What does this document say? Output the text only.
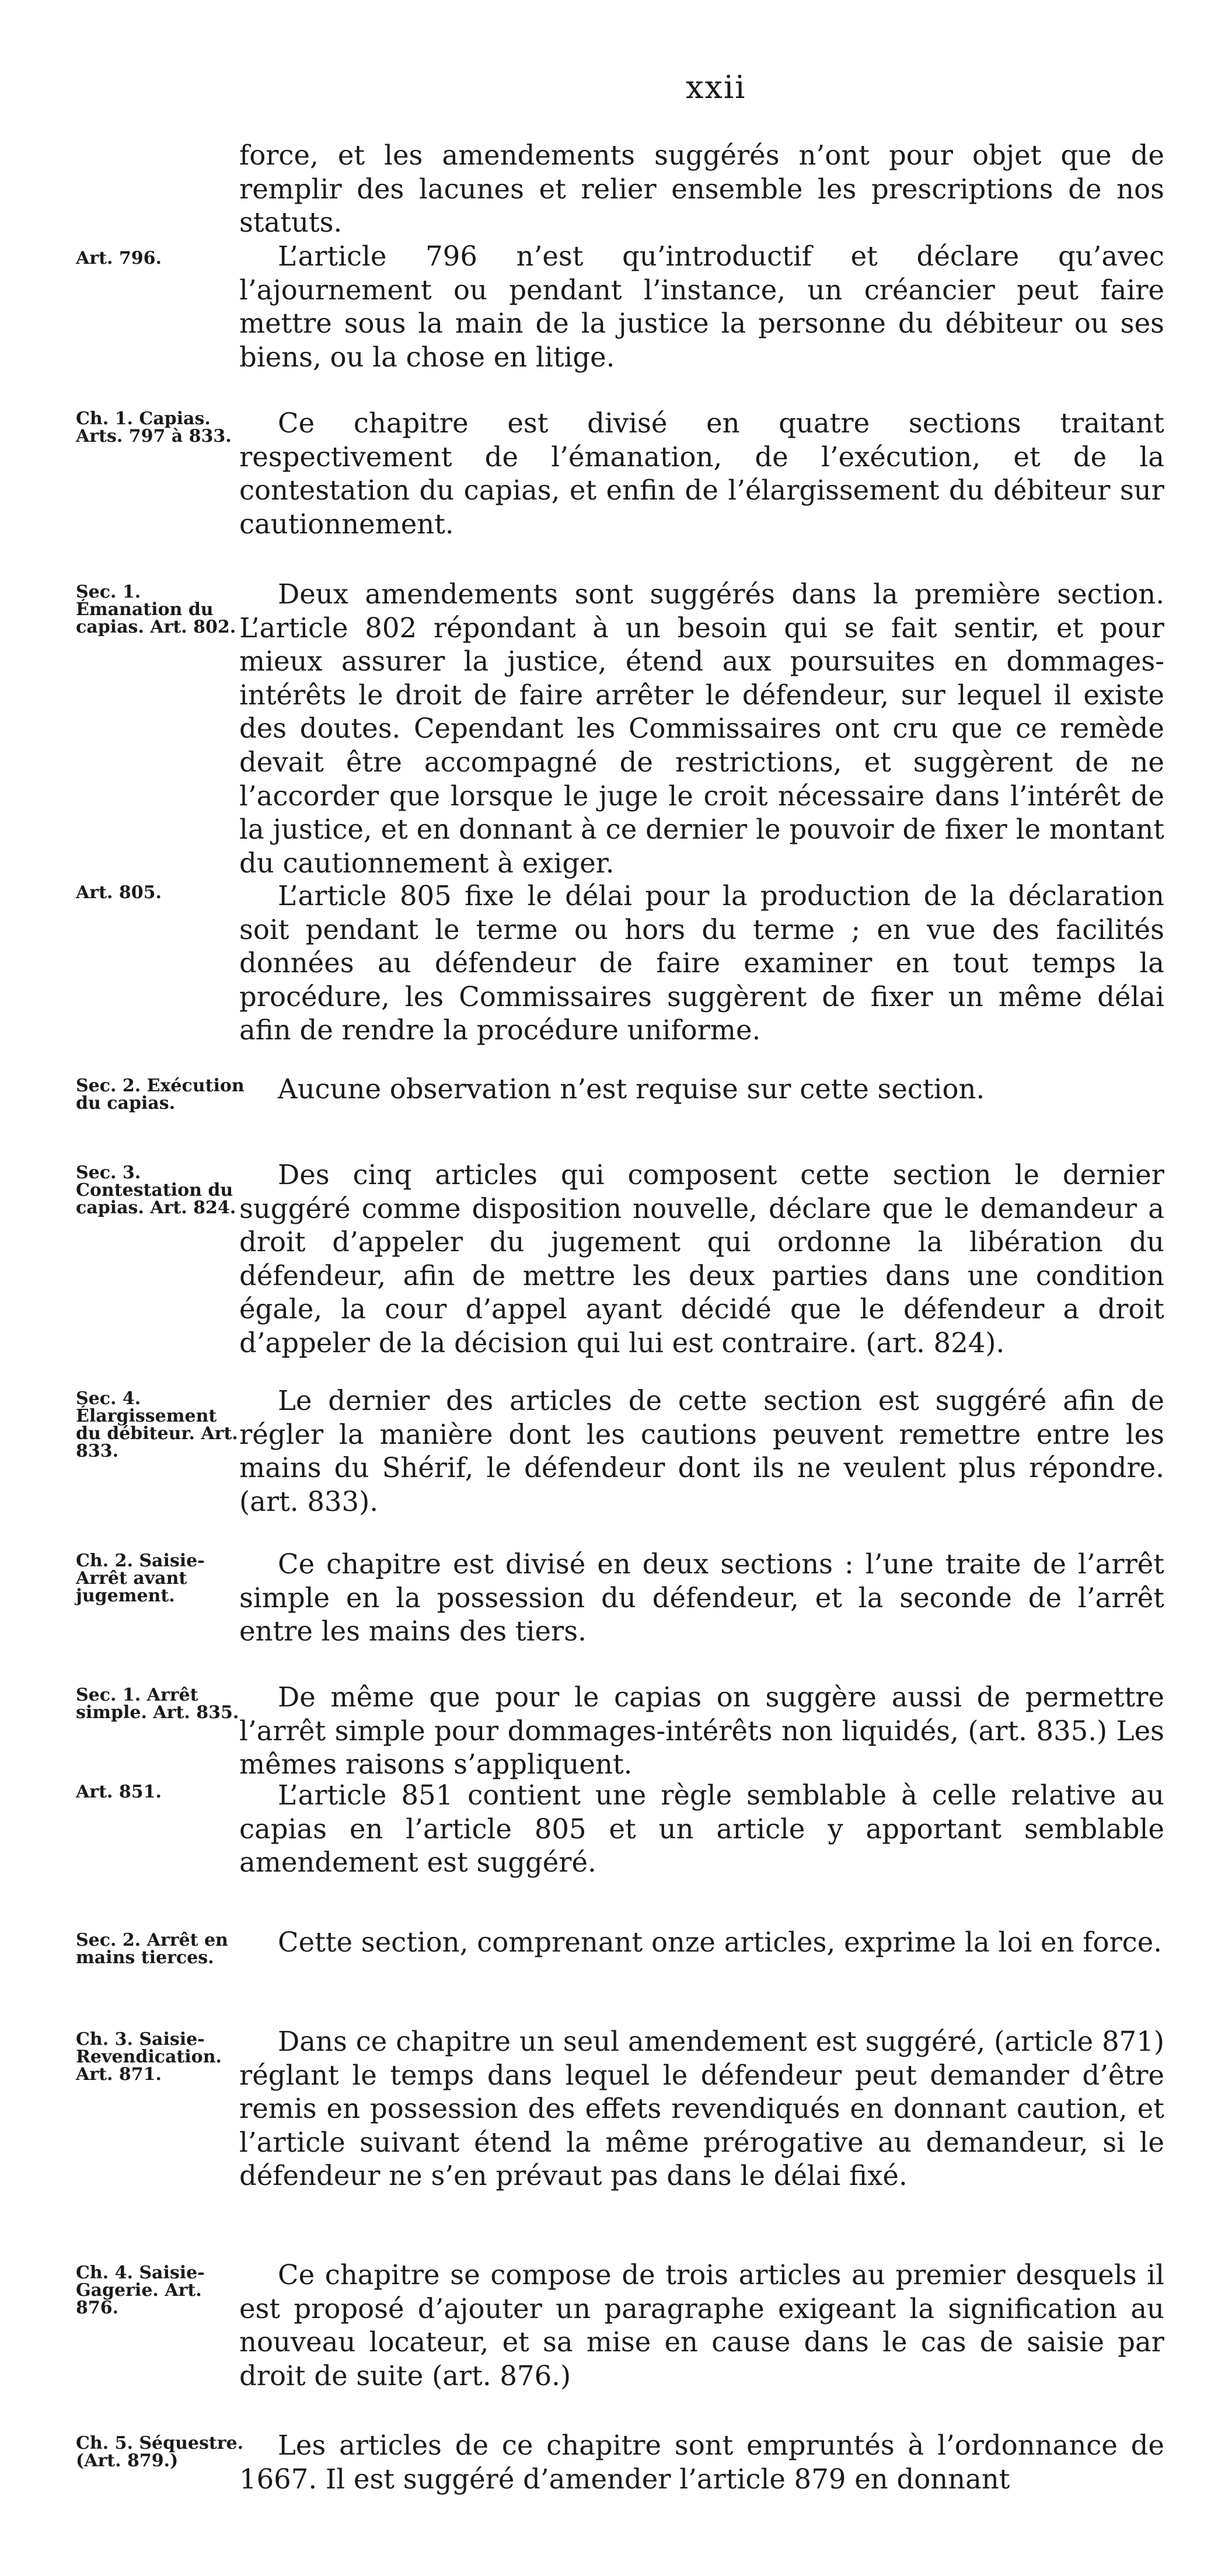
xxii

force, et les amendements suggérés n’ont pour objet que de remplir des lacunes et relier ensemble les prescriptions de nos statuts.

Art. 796.	L’article 796 n’est qu’introductif et déclare qu’avec l’ajournement ou pendant l’instance, un créancier peut faire mettre sous la main de la justice la personne du débiteur ou ses biens, ou la chose en litige.

Ch. 1. Capias. Arts. 797 à 833.	Ce chapitre est divisé en quatre sections traitant respectivement de l’émanation, de l’exécution, et de la contestation du capias, et enfin de l’élargissement du débiteur sur cautionnement.

Sec. 1. Émanation du capias. Art. 802.
Art. 805.

Deux amendements sont suggérés dans la première section. L’article 802 répondant à un besoin qui se fait sentir, et pour mieux assurer la justice, étend aux poursuites en dommages-intérêts le droit de faire arrêter le défendeur, sur lequel il existe des doutes. Cependant les Commissaires ont cru que ce remède devait être accompagné de restrictions, et suggèrent de ne l’accorder que lorsque le juge le croit nécessaire dans l’intérêt de la justice, et en donnant à ce dernier le pouvoir de fixer le montant du cautionnement à exiger.

L’article 805 fixe le délai pour la production de la déclaration soit pendant le terme ou hors du terme ; en vue des facilités données au défendeur de faire examiner en tout temps la procédure, les Commissaires suggèrent de fixer un même délai afin de rendre la procédure uniforme.

Sec. 2. Exécution du capias.	Aucune observation n’est requise sur cette section.

Sec. 3. Contestation du capias. Art. 824.

Des cinq articles qui composent cette section le dernier suggéré comme disposition nouvelle, déclare que le demandeur a droit d’appeler du jugement qui ordonne la libération du défendeur, afin de mettre les deux parties dans une condition égale, la cour d’appel ayant décidé que le défendeur a droit d’appeler de la décision qui lui est contraire. (art. 824).

Sec. 4. Élargissement du débiteur. Art. 833.

Le dernier des articles de cette section est suggéré afin de régler la manière dont les cautions peuvent remettre entre les mains du Shérif, le défendeur dont ils ne veulent plus répondre. (art. 833).

Ch. 2. Saisie-Arrêt avant jugement.

Ce chapitre est divisé en deux sections : l’une traite de l’arrêt simple en la possession du défendeur, et la seconde de l’arrêt entre les mains des tiers.

Sec. 1. Arrêt simple. Art. 835.
Art. 851.

De même que pour le capias on suggère aussi de permettre l’arrêt simple pour dommages-intérêts non liquidés, (art. 835.) Les mêmes raisons s’appliquent.

L’article 851 contient une règle semblable à celle relative au capias en l’article 805 et un article y apportant semblable amendement est suggéré.

Sec. 2. Arrêt en mains tierces.	Cette section, comprenant onze articles, exprime la loi en force.

Ch. 3. Saisie-Revendication. Art. 871.

Dans ce chapitre un seul amendement est suggéré, (article 871) réglant le temps dans lequel le défendeur peut demander d’être remis en possession des effets revendiqués en donnant caution, et l’article suivant étend la même prérogative au demandeur, si le défendeur ne s’en prévaut pas dans le délai fixé.

Ch. 4. Saisie-Gagerie. Art. 876.

Ce chapitre se compose de trois articles au premier desquels il est proposé d’ajouter un paragraphe exigeant la signification au nouveau locateur, et sa mise en cause dans le cas de saisie par droit de suite (art. 876.)

Ch. 5. Séquestre. (Art. 879.)	Les articles de ce chapitre sont empruntés à l’ordonnance de 1667. Il est suggéré d’amender l’article 879 en donnant
